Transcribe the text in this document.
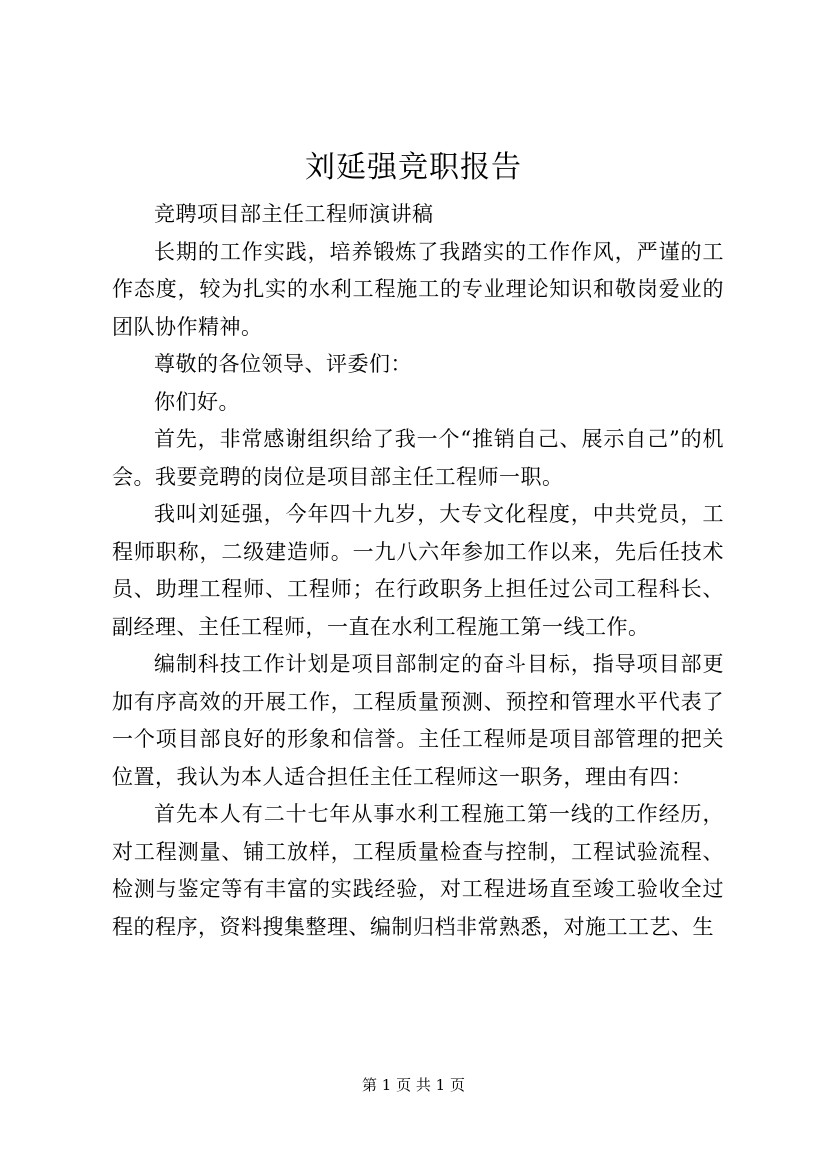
刘延强竞职报告

竞聘项目部主任工程师演讲稿

长期的工作实践，培养锻炼了我踏实的工作作风，严谨的工作态度，较为扎实的水利工程施工的专业理论知识和敬岗爱业的团队协作精神。

尊敬的各位领导、评委们：

你们好。

首先，非常感谢组织给了我一个“推销自己、展示自己”的机会。我要竞聘的岗位是项目部主任工程师一职。

我叫刘延强，今年四十九岁，大专文化程度，中共党员，工程师职称，二级建造师。一九八六年参加工作以来，先后任技术员、助理工程师、工程师；在行政职务上担任过公司工程科长、副经理、主任工程师，一直在水利工程施工第一线工作。

编制科技工作计划是项目部制定的奋斗目标，指导项目部更加有序高效的开展工作，工程质量预测、预控和管理水平代表了一个项目部良好的形象和信誉。主任工程师是项目部管理的把关位置，我认为本人适合担任主任工程师这一职务，理由有四：

首先本人有二十七年从事水利工程施工第一线的工作经历，对工程测量、铺工放样，工程质量检查与控制，工程试验流程、检测与鉴定等有丰富的实践经验，对工程进场直至竣工验收全过程的程序，资料搜集整理、编制归档非常熟悉，对施工工艺、生

第 1 页 共 1 页
